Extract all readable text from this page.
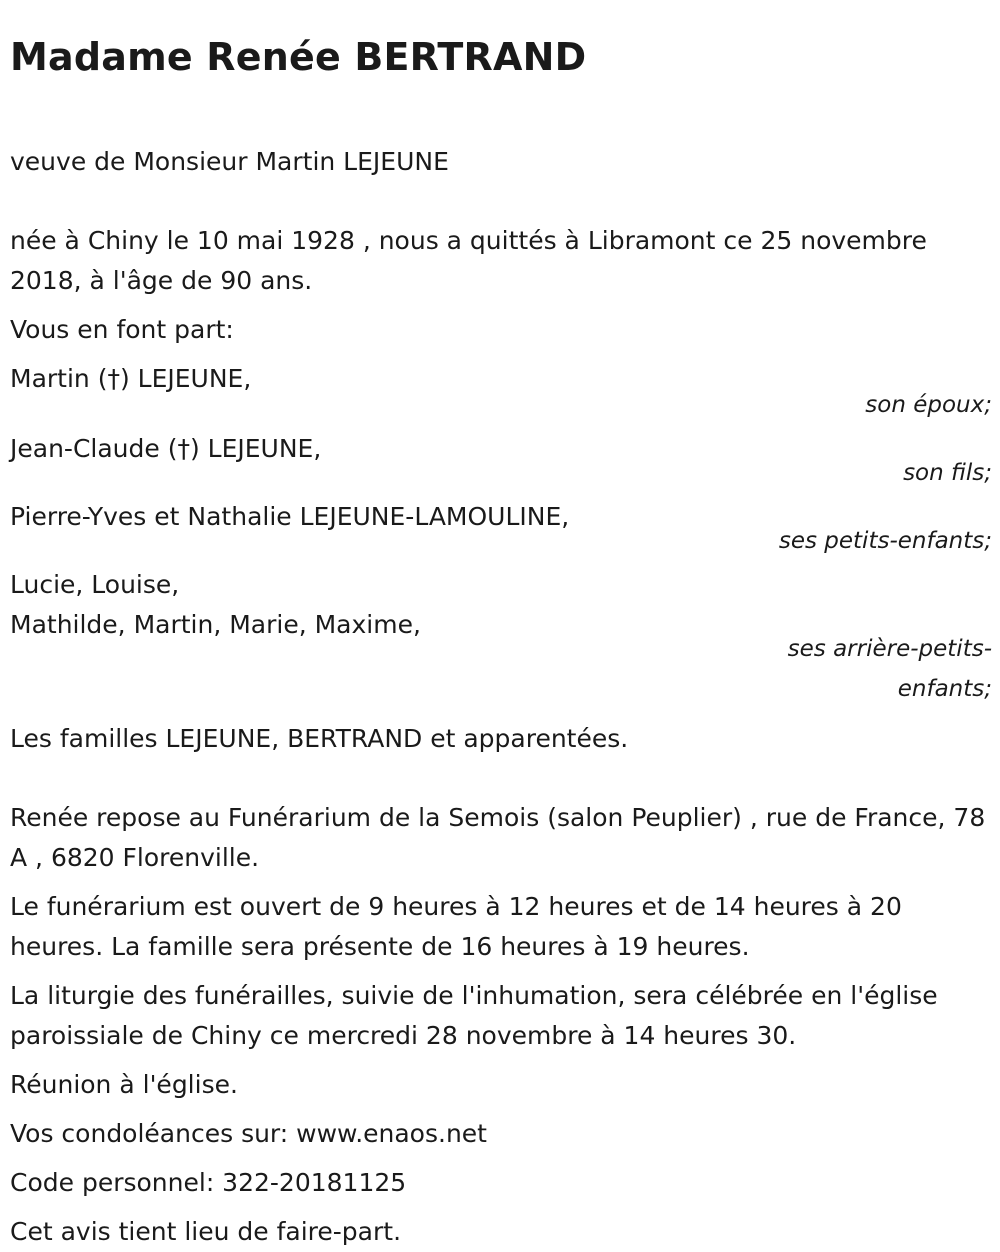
Madame Renée BERTRAND

veuve de Monsieur Martin LEJEUNE

née à Chiny le 10 mai 1928 , nous a quittés à Libramont ce 25 novembre 2018, à l'âge de 90 ans.

Vous en font part:

Martin (†) LEJEUNE,

son époux;

Jean-Claude (†) LEJEUNE,

son fils;

Pierre-Yves et Nathalie LEJEUNE-LAMOULINE,

ses petits-enfants;

Lucie, Louise,

Mathilde, Martin, Marie, Maxime,

ses arrière-petits-enfants;

Les familles LEJEUNE, BERTRAND et apparentées.

Renée repose au Funérarium de la Semois (salon Peuplier) , rue de France, 78 A , 6820 Florenville.

Le funérarium est ouvert de 9 heures à 12 heures et de 14 heures à 20 heures. La famille sera présente de 16 heures à 19 heures.

La liturgie des funérailles, suivie de l'inhumation, sera célébrée en l'église paroissiale de Chiny ce mercredi 28 novembre à 14 heures 30.

Réunion à l'église.

Vos condoléances sur: www.enaos.net

Code personnel: 322-20181125

Cet avis tient lieu de faire-part.
